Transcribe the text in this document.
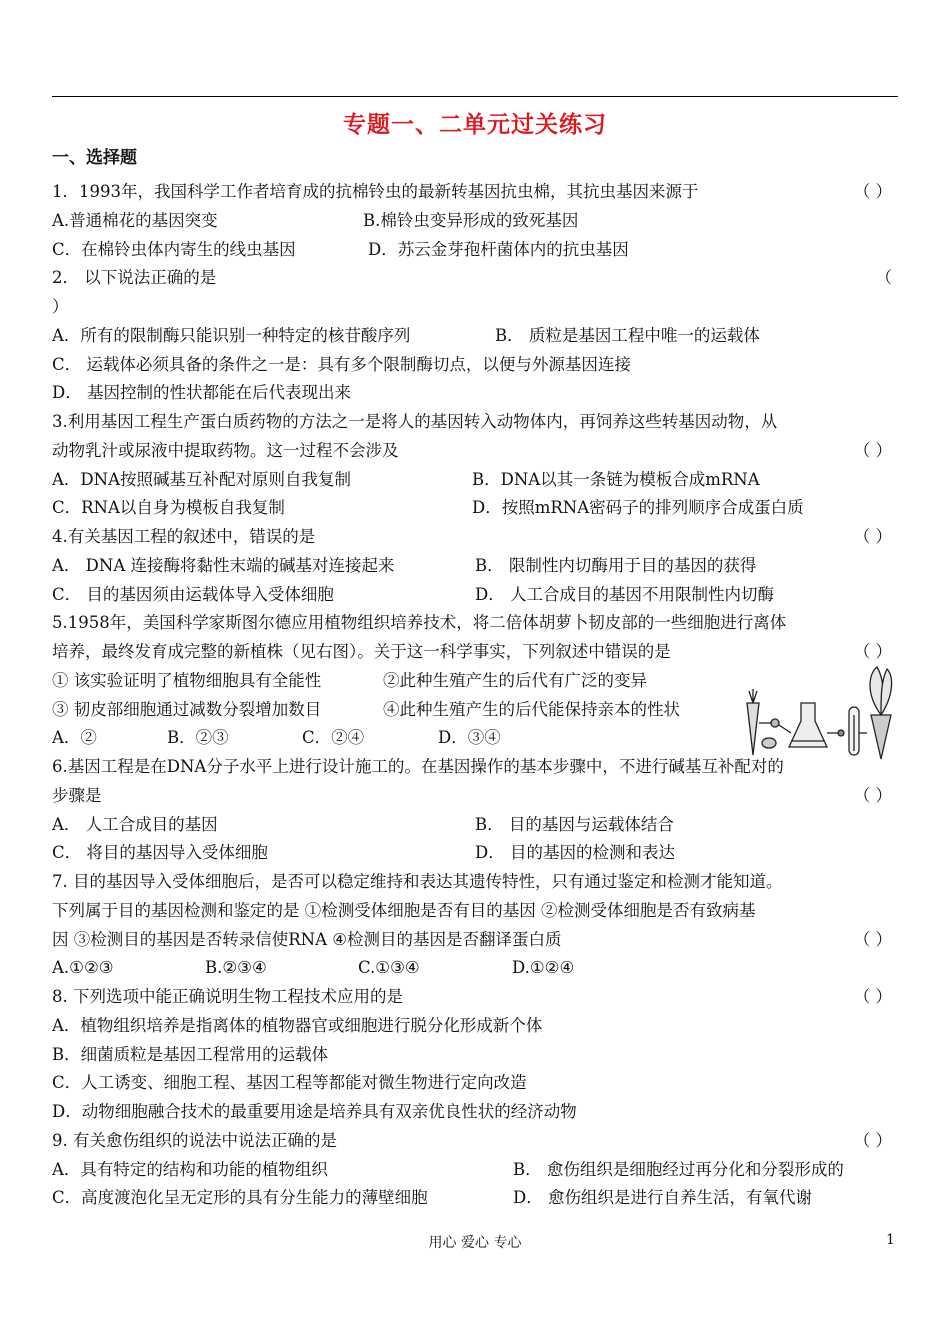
专题一、二单元过关练习
一、选择题
1．1993年，我国科学工作者培育成的抗棉铃虫的最新转基因抗虫棉，其抗虫基因来源于	（ ）
A.普通棉花的基因突变	B.棉铃虫变异形成的致死基因
C．在棉铃虫体内寄生的线虫基因	D．苏云金芽孢杆菌体内的抗虫基因
2． 以下说法正确的是	（
）
A．所有的限制酶只能识别一种特定的核苷酸序列	B． 质粒是基因工程中唯一的运载体
C． 运载体必须具备的条件之一是：具有多个限制酶切点，以便与外源基因连接
D． 基因控制的性状都能在后代表现出来
3.利用基因工程生产蛋白质药物的方法之一是将人的基因转入动物体内，再饲养这些转基因动物，从
动物乳汁或尿液中提取药物。这一过程不会涉及	（ ）
A．DNA按照碱基互补配对原则自我复制	B．DNA以其一条链为模板合成mRNA
C．RNA以自身为模板自我复制	D．按照mRNA密码子的排列顺序合成蛋白质
4.有关基因工程的叙述中，错误的是	（ ）
A． DNA 连接酶将黏性末端的碱基对连接起来	B． 限制性内切酶用于目的基因的获得
C． 目的基因须由运载体导入受体细胞	D． 人工合成目的基因不用限制性内切酶
5.1958年，美国科学家斯图尔德应用植物组织培养技术，将二倍体胡萝卜韧皮部的一些细胞进行离体
培养，最终发育成完整的新植株（见右图）。关于这一科学事实，下列叙述中错误的是	（ ）
① 该实验证明了植物细胞具有全能性	②此种生殖产生的后代有广泛的变异
③ 韧皮部细胞通过减数分裂增加数目	④此种生殖产生的后代能保持亲本的性状
A．②	B．②③	C．②④	D．③④
6.基因工程是在DNA分子水平上进行设计施工的。在基因操作的基本步骤中，不进行碱基互补配对的
步骤是	（ ）
A． 人工合成目的基因	B． 目的基因与运载体结合
C． 将目的基因导入受体细胞	D． 目的基因的检测和表达
7. 目的基因导入受体细胞后，是否可以稳定维持和表达其遗传特性，只有通过鉴定和检测才能知道。
下列属于目的基因检测和鉴定的是 ①检测受体细胞是否有目的基因 ②检测受体细胞是否有致病基
因 ③检测目的基因是否转录信使RNA ④检测目的基因是否翻译蛋白质	（ ）
A.①②③	B.②③④	C.①③④	D.①②④
8. 下列选项中能正确说明生物工程技术应用的是	（ ）
A．植物组织培养是指离体的植物器官或细胞进行脱分化形成新个体
B．细菌质粒是基因工程常用的运载体
C．人工诱变、细胞工程、基因工程等都能对微生物进行定向改造
D．动物细胞融合技术的最重要用途是培养具有双亲优良性状的经济动物
9. 有关愈伤组织的说法中说法正确的是	（ ）
A．具有特定的结构和功能的植物组织	B． 愈伤组织是细胞经过再分化和分裂形成的
C．高度渡泡化呈无定形的具有分生能力的薄壁细胞	D． 愈伤组织是进行自养生活，有氧代谢
用心 爱心 专心	1
